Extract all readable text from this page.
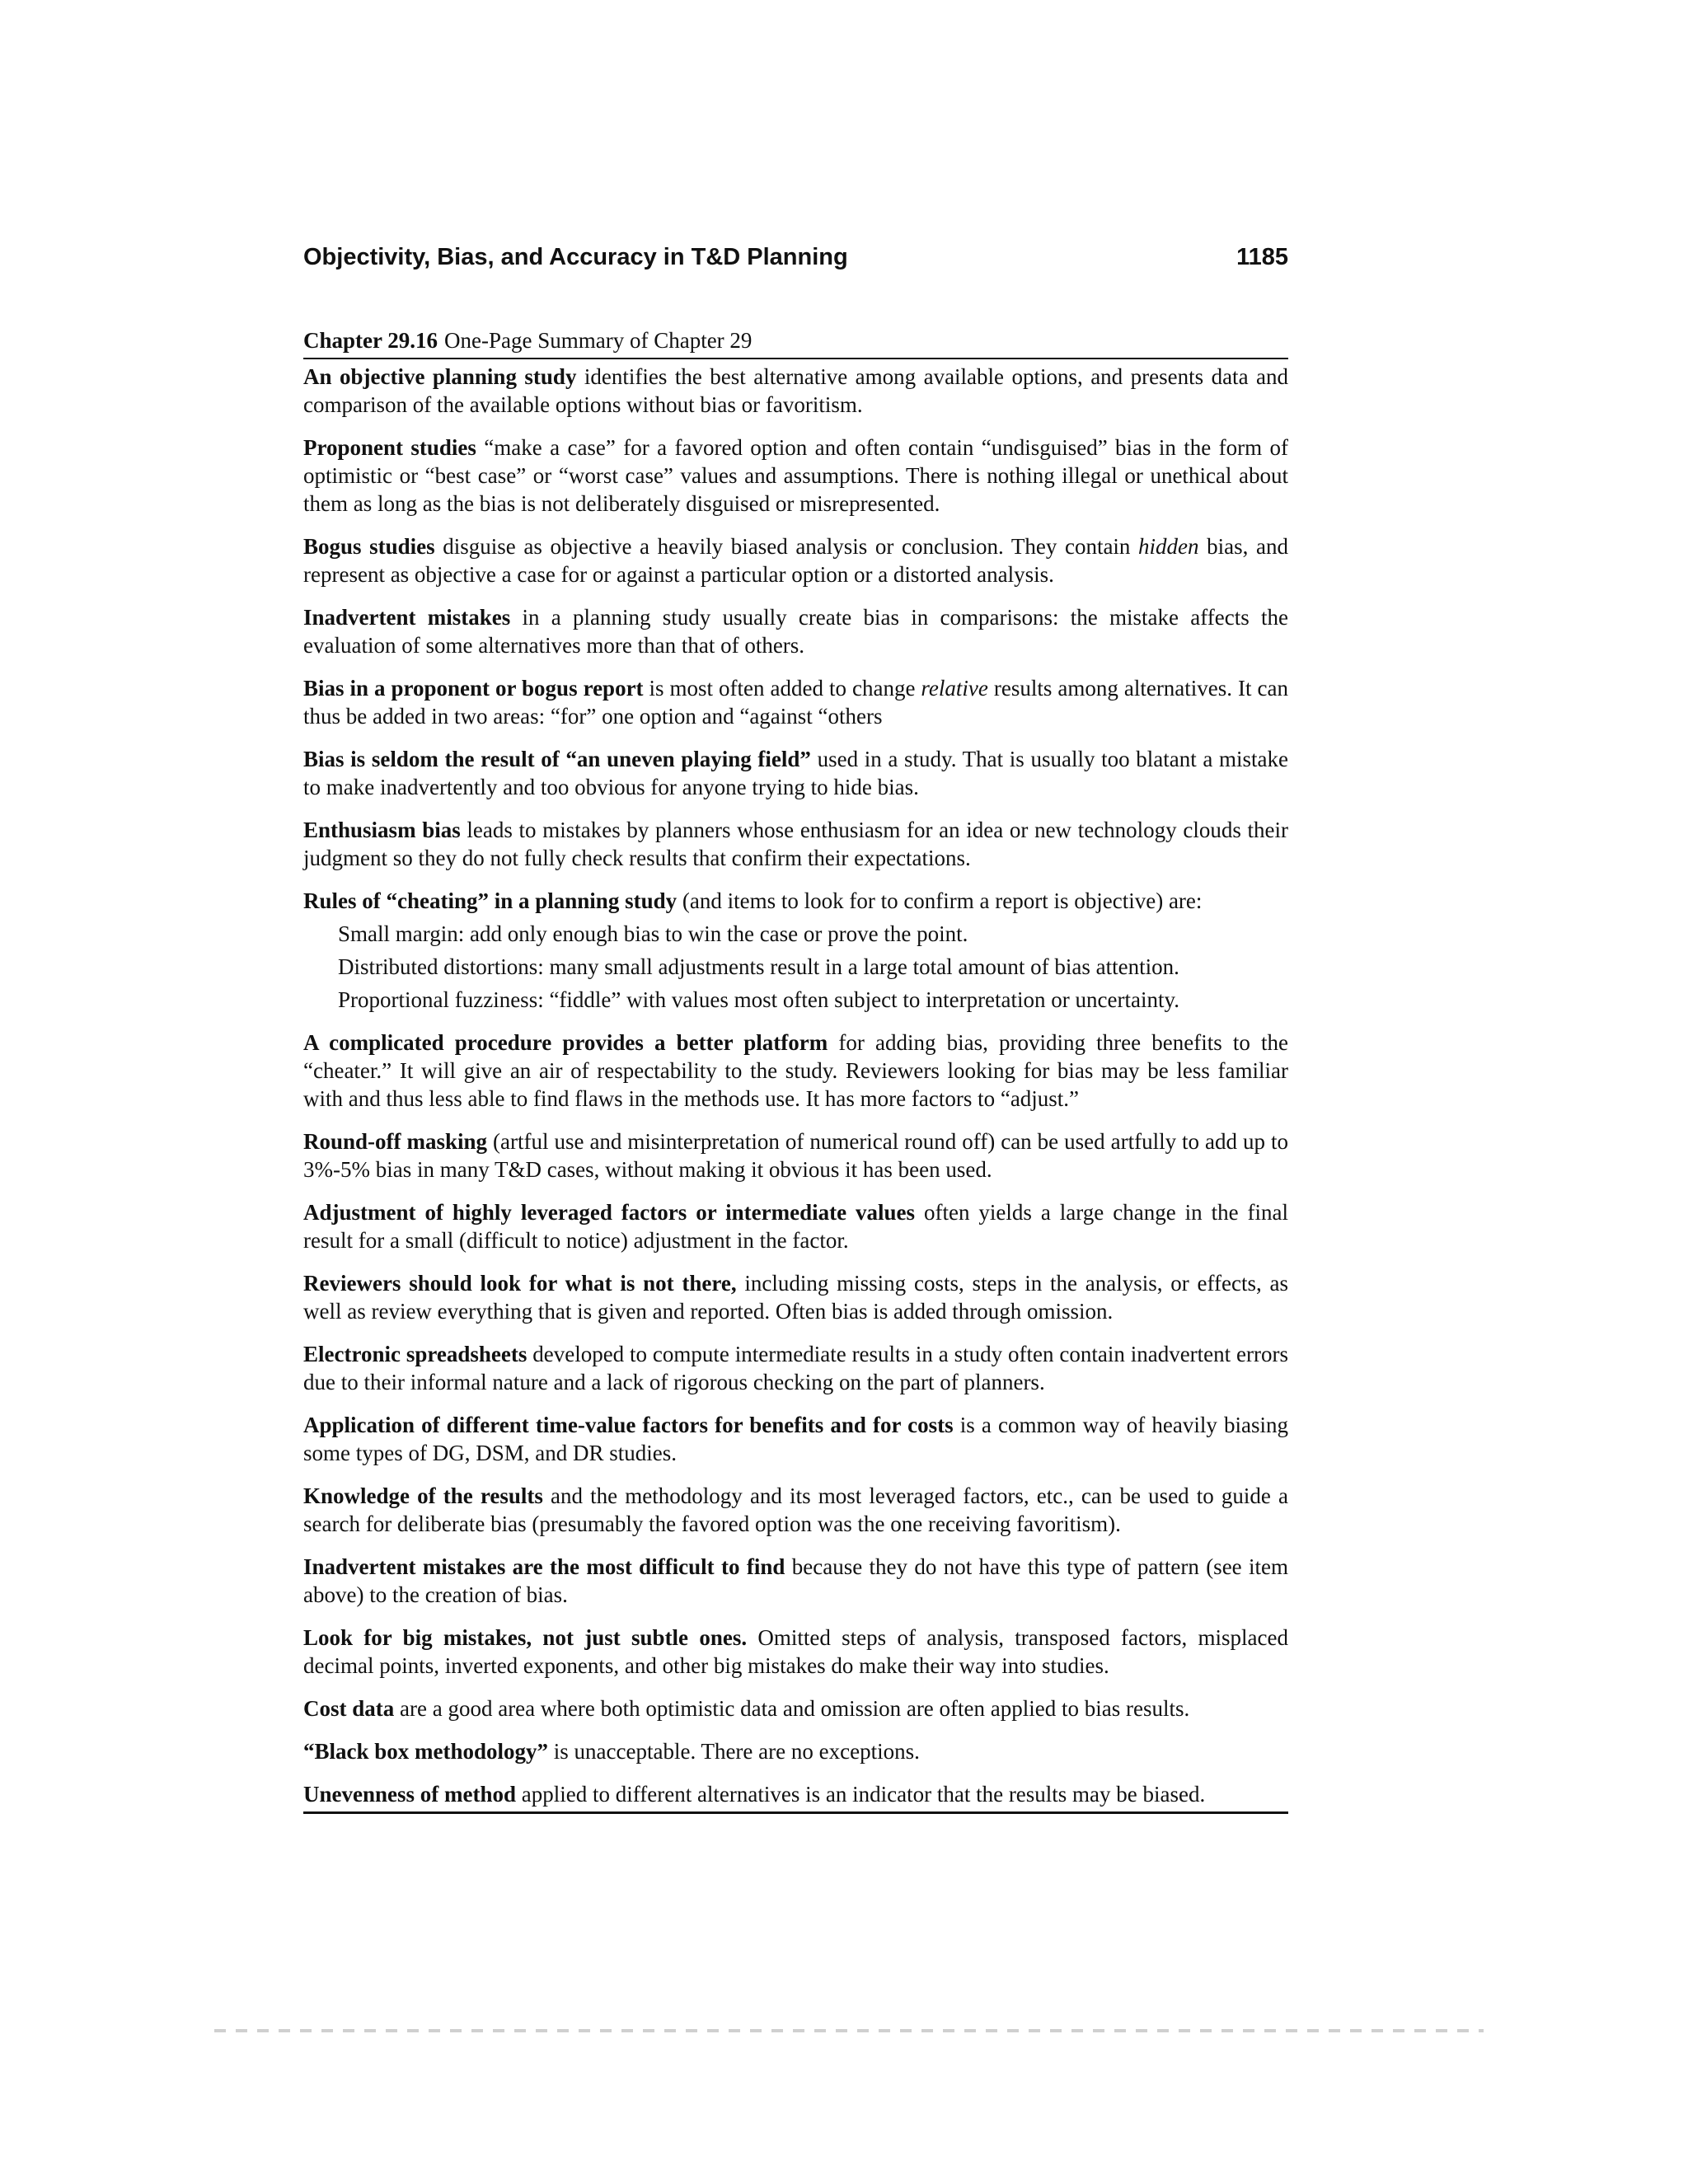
Objectivity, Bias, and Accuracy in T&D Planning	1185
Chapter 29.16 One-Page Summary of Chapter 29

An objective planning study identifies the best alternative among available options, and presents data and comparison of the available options without bias or favoritism.

Proponent studies “make a case” for a favored option and often contain “undisguised” bias in the form of optimistic or “best case” or “worst case” values and assumptions. There is nothing illegal or unethical about them as long as the bias is not deliberately disguised or misrepresented.

Bogus studies disguise as objective a heavily biased analysis or conclusion. They contain hidden bias, and represent as objective a case for or against a particular option or a distorted analysis.

Inadvertent mistakes in a planning study usually create bias in comparisons: the mistake affects the evaluation of some alternatives more than that of others.

Bias in a proponent or bogus report is most often added to change relative results among alternatives. It can thus be added in two areas: “for” one option and “against “others

Bias is seldom the result of “an uneven playing field” used in a study. That is usually too blatant a mistake to make inadvertently and too obvious for anyone trying to hide bias.

Enthusiasm bias leads to mistakes by planners whose enthusiasm for an idea or new technology clouds their judgment so they do not fully check results that confirm their expectations.

Rules of “cheating” in a planning study (and items to look for to confirm a report is objective) are:

Small margin: add only enough bias to win the case or prove the point.

Distributed distortions: many small adjustments result in a large total amount of bias attention.

Proportional fuzziness: “fiddle” with values most often subject to interpretation or uncertainty.

A complicated procedure provides a better platform for adding bias, providing three benefits to the “cheater.” It will give an air of respectability to the study. Reviewers looking for bias may be less familiar with and thus less able to find flaws in the methods use. It has more factors to “adjust.”

Round-off masking (artful use and misinterpretation of numerical round off) can be used artfully to add up to 3%-5% bias in many T&D cases, without making it obvious it has been used.

Adjustment of highly leveraged factors or intermediate values often yields a large change in the final result for a small (difficult to notice) adjustment in the factor.

Reviewers should look for what is not there, including missing costs, steps in the analysis, or effects, as well as review everything that is given and reported. Often bias is added through omission.

Electronic spreadsheets developed to compute intermediate results in a study often contain inadvertent errors due to their informal nature and a lack of rigorous checking on the part of planners.

Application of different time-value factors for benefits and for costs is a common way of heavily biasing some types of DG, DSM, and DR studies.

Knowledge of the results and the methodology and its most leveraged factors, etc., can be used to guide a search for deliberate bias (presumably the favored option was the one receiving favoritism).

Inadvertent mistakes are the most difficult to find because they do not have this type of pattern (see item above) to the creation of bias.

Look for big mistakes, not just subtle ones. Omitted steps of analysis, transposed factors, misplaced decimal points, inverted exponents, and other big mistakes do make their way into studies.

Cost data are a good area where both optimistic data and omission are often applied to bias results.

“Black box methodology” is unacceptable. There are no exceptions.

Unevenness of method applied to different alternatives is an indicator that the results may be biased.
